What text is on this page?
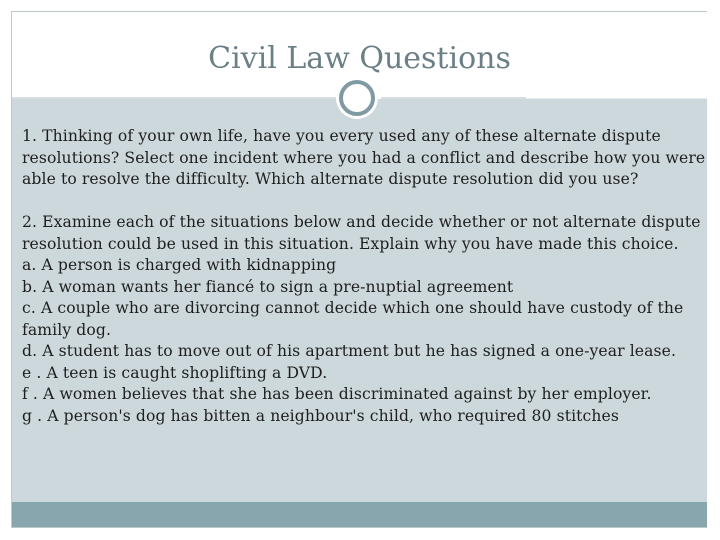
Civil Law Questions

1. Thinking of your own life, have you every used any of these alternate dispute
resolutions? Select one incident where you had a conflict and describe how you were
able to resolve the difficulty. Which alternate dispute resolution did you use?

2. Examine each of the situations below and decide whether or not alternate dispute
resolution could be used in this situation. Explain why you have made this choice.
a. A person is charged with kidnapping
b. A woman wants her fiancé to sign a pre-nuptial agreement
c. A couple who are divorcing cannot decide which one should have custody of the
family dog.
d. A student has to move out of his apartment but he has signed a one-year lease.
e . A teen is caught shoplifting a DVD.
f . A women believes that she has been discriminated against by her employer.
g . A person's dog has bitten a neighbour's child, who required 80 stitches
